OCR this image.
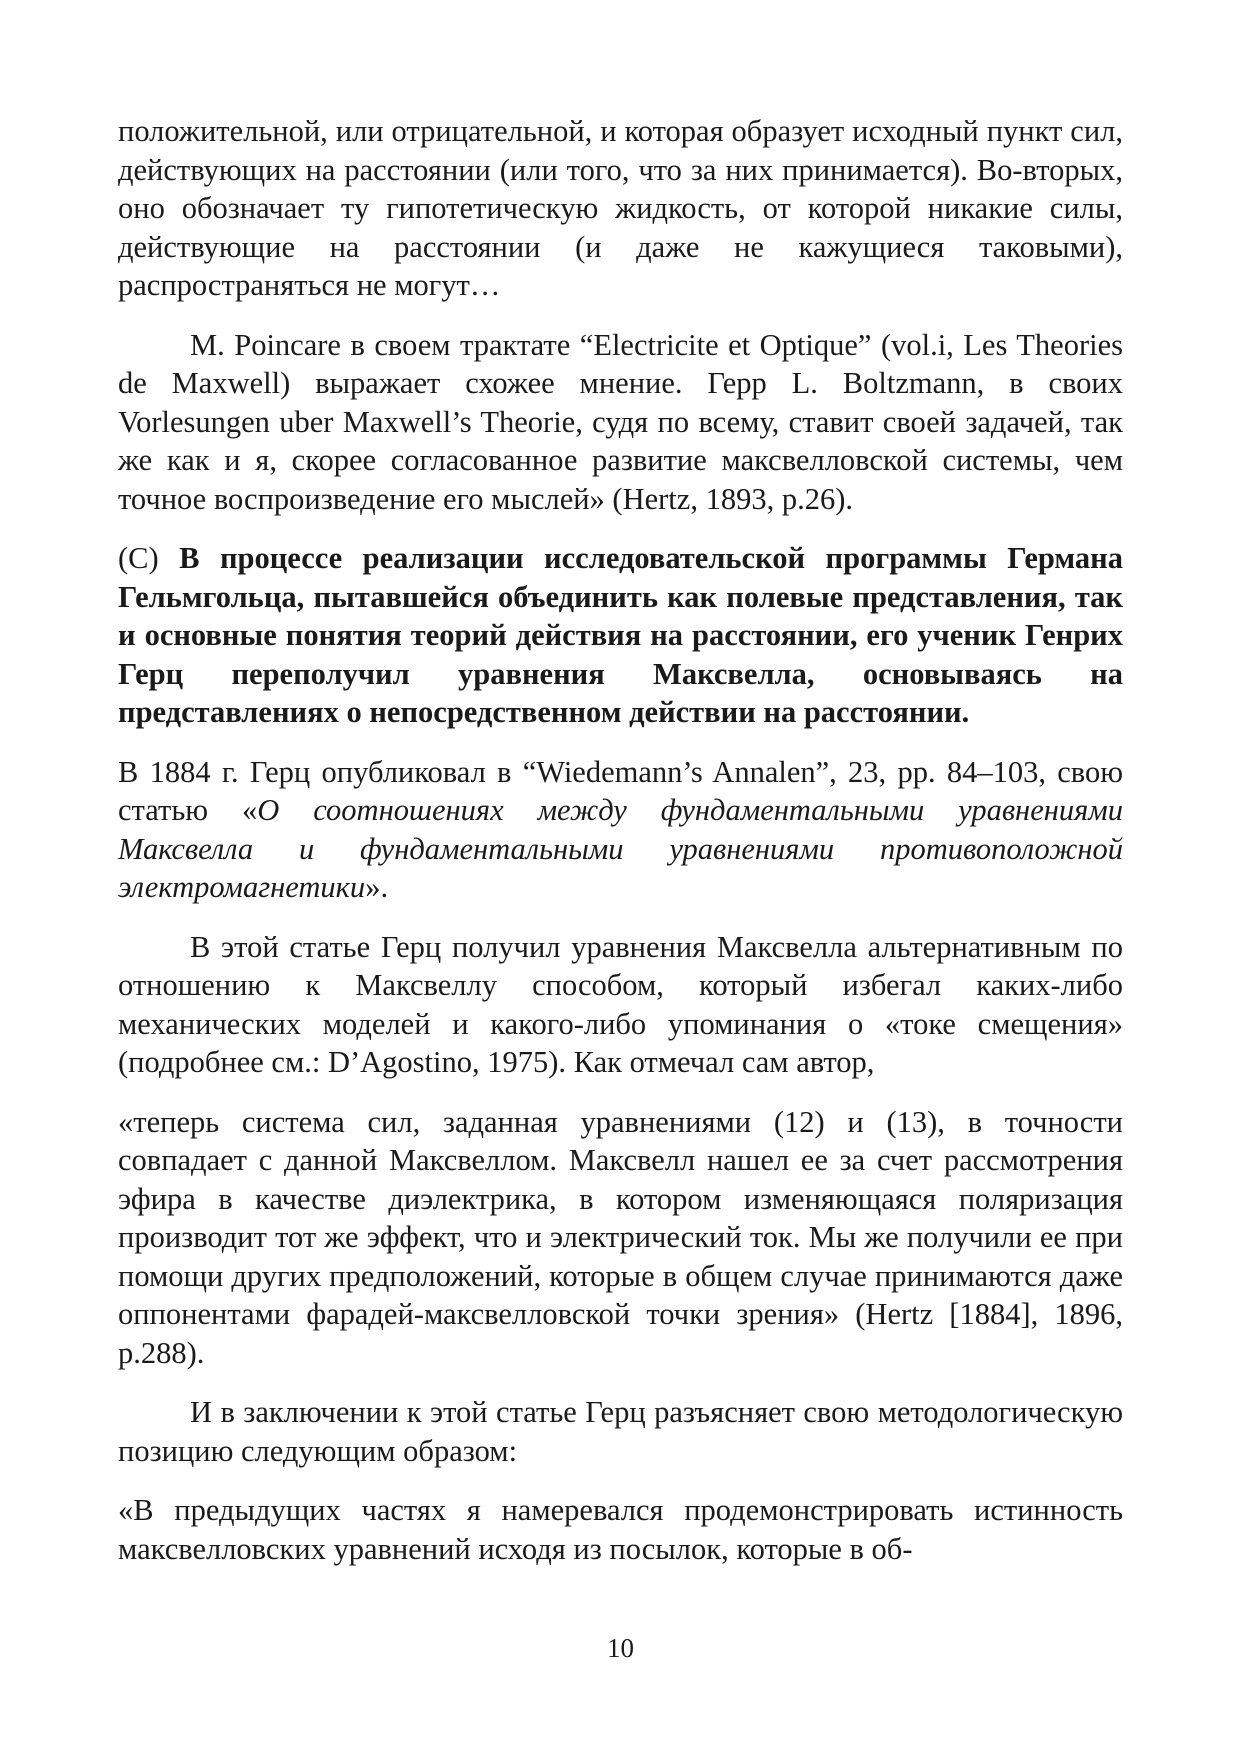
положительной, или отрицательной, и которая образует исходный пункт сил, действующих на расстоянии (или того, что за них принимается). Во-вторых, оно обозначает ту гипотетическую жидкость, от которой никакие силы, действующие на расстоянии (и даже не кажущиеся таковыми), распространяться не могут…

M. Poincare в своем трактате “Electricite et Optique” (vol.i, Les Theories de Maxwell) выражает схожее мнение. Герр L. Boltzmann, в своих Vorlesungen uber Maxwell’s Theorie, судя по всему, ставит своей задачей, так же как и я, скорее согласованное развитие максвелловской системы, чем точное воспроизведение его мыслей» (Hertz, 1893, p.26).

(C) В процессе реализации исследовательской программы Германа Гельмгольца, пытавшейся объединить как полевые представления, так и основные понятия теорий действия на расстоянии, его ученик Генрих Герц переполучил уравнения Максвелла, основываясь на представлениях о непосредственном действии на расстоянии.

В 1884 г. Герц опубликовал в “Wiedemann’s Annalen”, 23, pp. 84–103, свою статью «О соотношениях между фундаментальными уравнениями Максвелла и фундаментальными уравнениями противоположной электромагнетики».

В этой статье Герц получил уравнения Максвелла альтернативным по отношению к Максвеллу способом, который избегал каких-либо механических моделей и какого-либо упоминания о «токе смещения» (подробнее см.: D’Agostino, 1975). Как отмечал сам автор,

«теперь система сил, заданная уравнениями (12) и (13), в точности совпадает с данной Максвеллом. Максвелл нашел ее за счет рассмотрения эфира в качестве диэлектрика, в котором изменяющаяся поляризация производит тот же эффект, что и электрический ток. Мы же получили ее при помощи других предположений, которые в общем случае принимаются даже оппонентами фарадей-максвелловской точки зрения» (Hertz [1884], 1896, p.288).

И в заключении к этой статье Герц разъясняет свою методологическую позицию следующим образом:

«В предыдущих частях я намеревался продемонстрировать истинность максвелловских уравнений исходя из посылок, которые в об-

10
